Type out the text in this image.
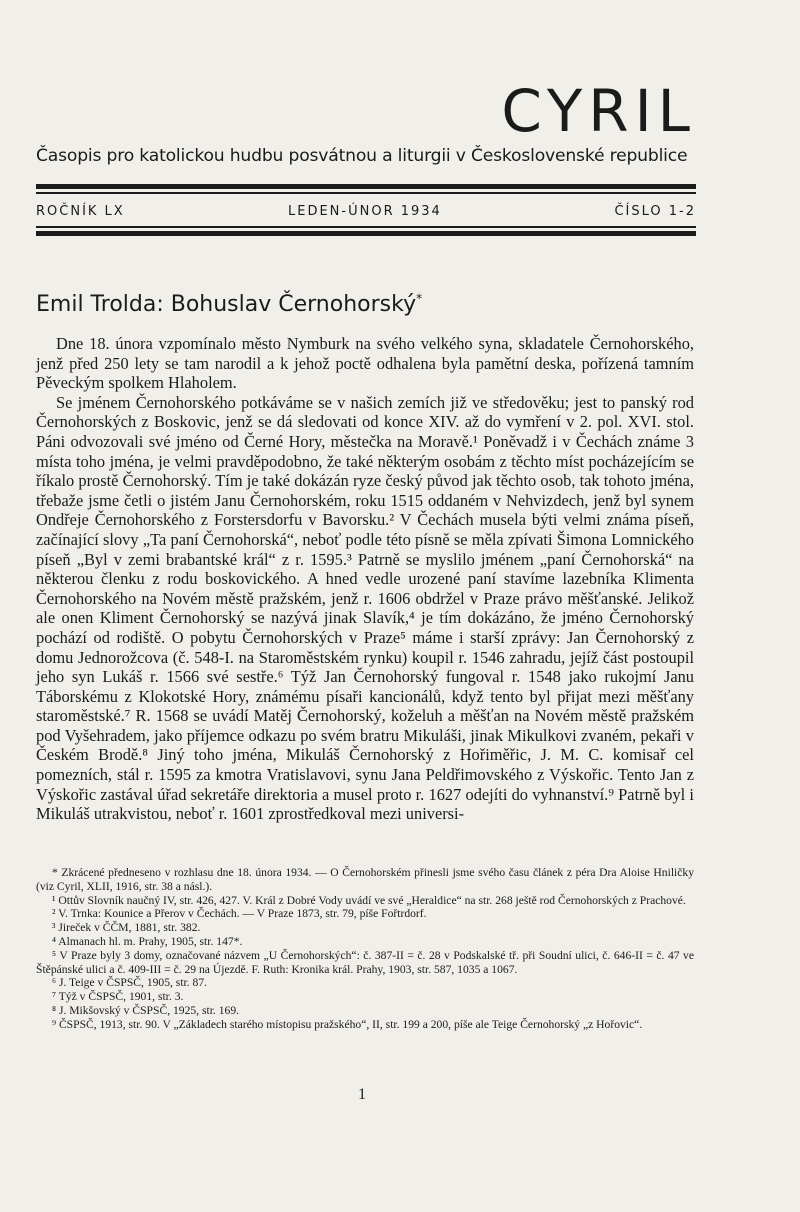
CYRIL
Časopis pro katolickou hudbu posvátnou a liturgii v Československé republice
ROČNÍK LX	LEDEN-ÚNOR 1934	ČÍSLO 1-2
Emil Trolda: Bohuslav Černohorský*

Dne 18. února vzpomínalo město Nymburk na svého velkého syna, skladatele Černohorského, jenž před 250 lety se tam narodil a k jehož poctě odhalena byla pamětní deska, pořízená tamním Pěveckým spolkem Hlaholem.

Se jménem Černohorského potkáváme se v našich zemích již ve středověku; jest to panský rod Černohorských z Boskovic, jenž se dá sledovati od konce XIV. až do vymření v 2. pol. XVI. stol. Páni odvozovali své jméno od Černé Hory, městečka na Moravě.¹ Poněvadž i v Čechách známe 3 místa toho jména, je velmi pravděpodobno, že také některým osobám z těchto míst pocházejícím se říkalo prostě Černohorský. Tím je také dokázán ryze český původ jak těchto osob, tak tohoto jména, třebaže jsme četli o jistém Janu Černohorském, roku 1515 oddaném v Nehvizdech, jenž byl synem Ondřeje Černohorského z Forstersdorfu v Bavorsku.² V Čechách musela býti velmi známa píseň, začínající slovy „Ta paní Černohorská“, neboť podle této písně se měla zpívati Šimona Lomnického píseň „Byl v zemi brabantské král“ z r. 1595.³ Patrně se myslilo jménem „paní Černohorská“ na některou členku z rodu boskovického. A hned vedle urozené paní stavíme lazebníka Klimenta Černohorského na Novém městě pražském, jenž r. 1606 obdržel v Praze právo měšťanské. Jelikož ale onen Kliment Černohorský se nazývá jinak Slavík,⁴ je tím dokázáno, že jméno Černohorský pochází od rodiště. O pobytu Černohorských v Praze⁵ máme i starší zprávy: Jan Černohorský z domu Jednorožcova (č. 548-I. na Staroměstském rynku) koupil r. 1546 zahradu, jejíž část postoupil jeho syn Lukáš r. 1566 své sestře.⁶ Týž Jan Černohorský fungoval r. 1548 jako rukojmí Janu Táborskému z Klokotské Hory, známému písaři kancionálů, když tento byl přijat mezi měšťany staroměstské.⁷ R. 1568 se uvádí Matěj Černohorský, koželuh a měšťan na Novém městě pražském pod Vyšehradem, jako příjemce odkazu po svém bratru Mikuláši, jinak Mikulkovi zvaném, pekaři v Českém Brodě.⁸ Jiný toho jména, Mikuláš Černohorský z Hořiměřic, J. M. C. komisař cel pomezních, stál r. 1595 za kmotra Vratislavovi, synu Jana Peldřimovského z Výskořic. Tento Jan z Výskořic zastával úřad sekretáře direktoria a musel proto r. 1627 odejíti do vyhnanství.⁹ Patrně byl i Mikuláš utrakvistou, neboť r. 1601 zprostředkoval mezi universi-

* Zkrácené předneseno v rozhlasu dne 18. února 1934. — O Černohorském přinesli jsme svého času článek z péra Dra Aloise Hniličky (viz Cyril, XLII, 1916, str. 38 a násl.).

¹ Ottův Slovník naučný IV, str. 426, 427. V. Král z Dobré Vody uvádí ve své „Heraldice“ na str. 268 ještě rod Černohorských z Prachové.

² V. Trnka: Kounice a Přerov v Čechách. — V Praze 1873, str. 79, píše Fořtrdorf.

³ Jireček v ČČM, 1881, str. 382.

⁴ Almanach hl. m. Prahy, 1905, str. 147*.

⁵ V Praze byly 3 domy, označované názvem „U Černohorských“: č. 387-II = č. 28 v Podskalské tř. při Soudní ulici, č. 646-II = č. 47 ve Štěpánské ulici a č. 409-III = č. 29 na Újezdě. F. Ruth: Kronika král. Prahy, 1903, str. 587, 1035 a 1067.

⁶ J. Teige v ČSPSČ, 1905, str. 87.

⁷ Týž v ČSPSČ, 1901, str. 3.

⁸ J. Mikšovský v ČSPSČ, 1925, str. 169.

⁹ ČSPSČ, 1913, str. 90. V „Základech starého místopisu pražského“, II, str. 199 a 200, píše ale Teige Černohorský „z Hořovic“.

1
